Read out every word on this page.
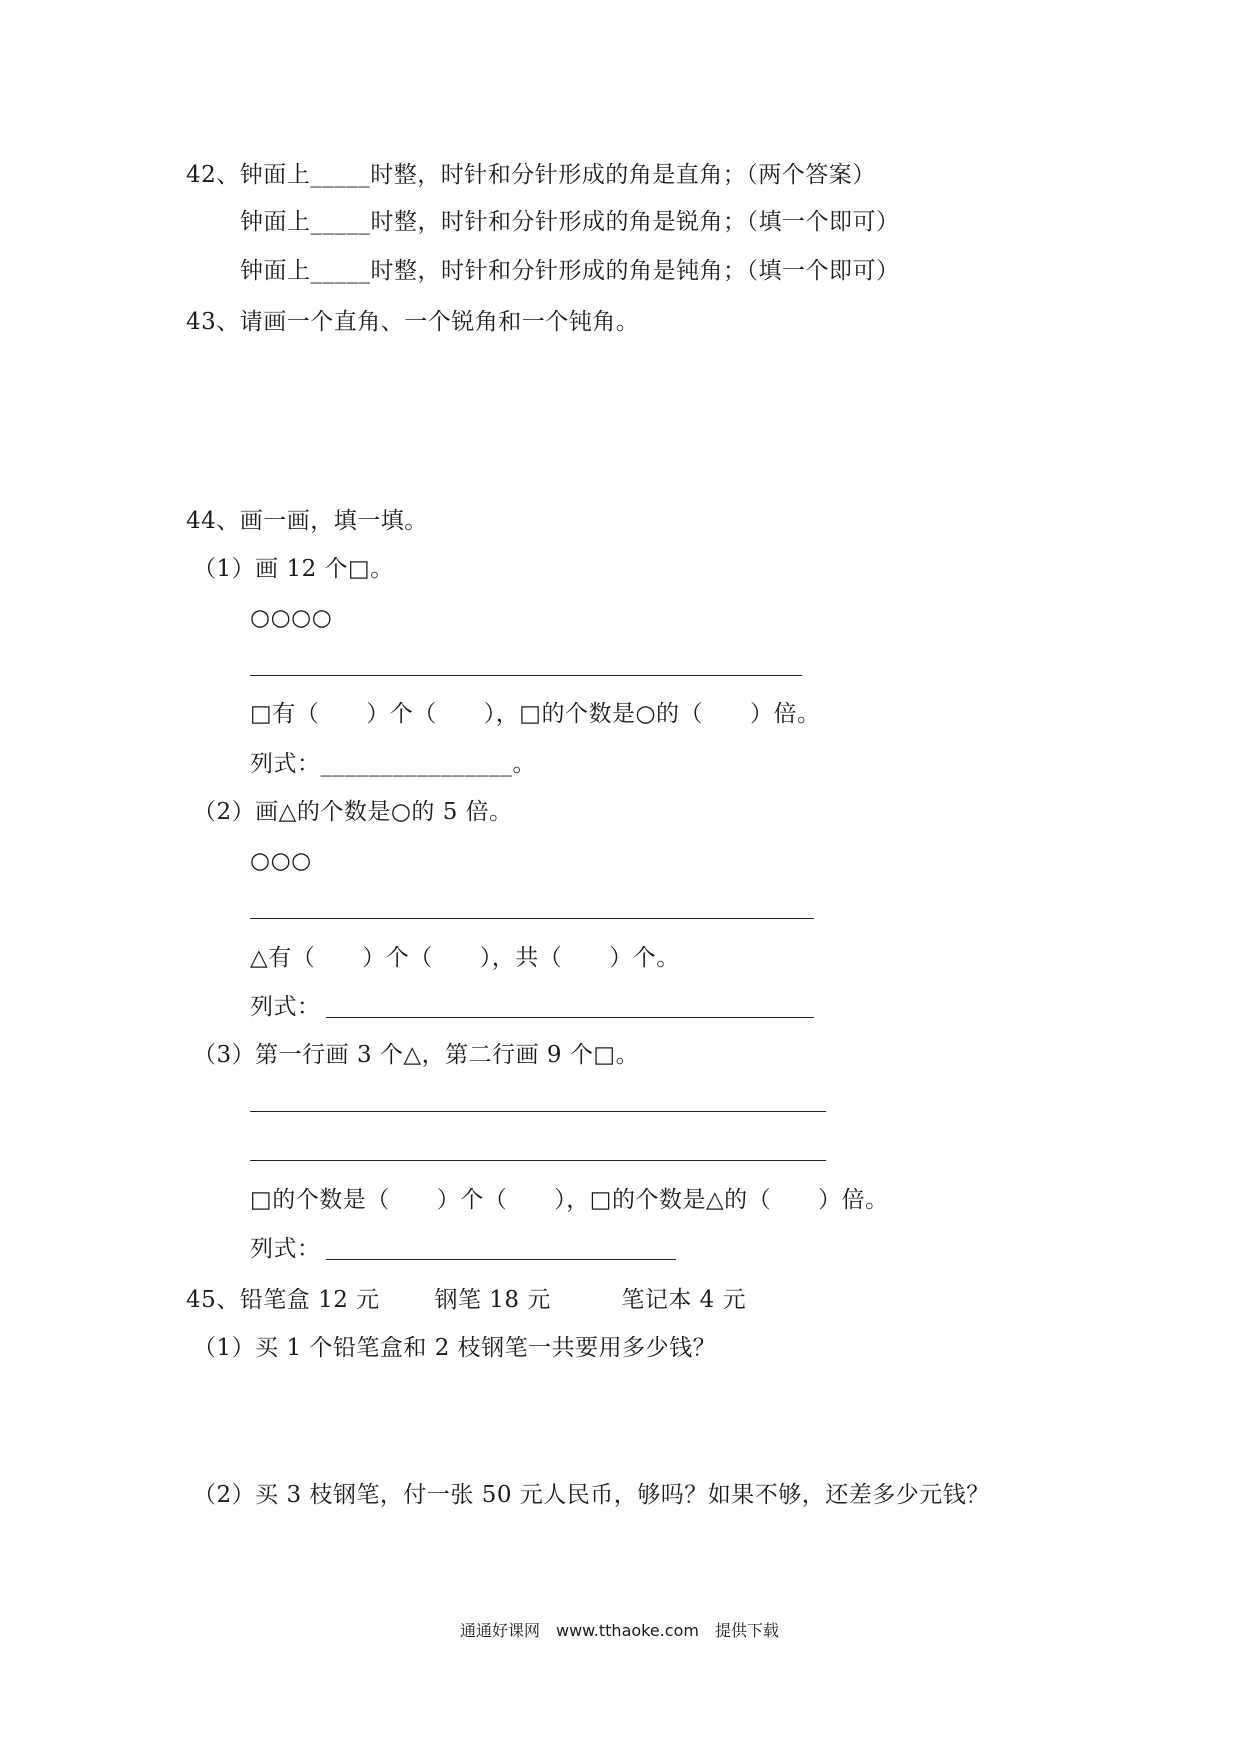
42、钟面上_____时整，时针和分针形成的角是直角；（两个答案）
钟面上_____时整，时针和分针形成的角是锐角；（填一个即可）
钟面上_____时整，时针和分针形成的角是钝角；（填一个即可）
43、请画一个直角、一个锐角和一个钝角。
44、画一画，填一填。
（1）画 12 个□。
○○○○
□有（　　）个（　　），□的个数是○的（　　）倍。
列式：________________。
（2）画△的个数是○的 5 倍。
○○○
△有（　　）个（　　），共（　　）个。
列式：
（3）第一行画 3 个△，第二行画 9 个□。
□的个数是（　　）个（　　），□的个数是△的（　　）倍。
列式：
45、铅笔盒 12 元　　 钢笔 18 元　　　笔记本 4 元
（1）买 1 个铅笔盒和 2 枝钢笔一共要用多少钱？
（2）买 3 枝钢笔，付一张 50 元人民币，够吗？如果不够，还差多少元钱？
通通好课网　www.tthaoke.com　提供下载
